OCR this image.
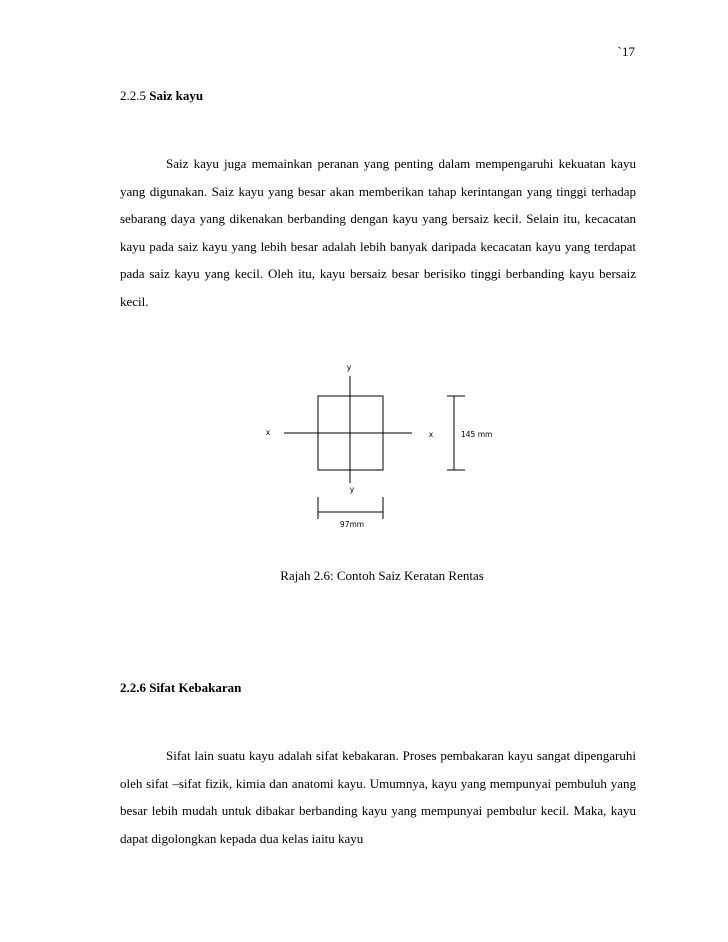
`17
2.2.5 Saiz kayu

Saiz kayu juga memainkan peranan yang penting dalam mempengaruhi kekuatan kayu yang digunakan. Saiz kayu yang besar akan memberikan tahap kerintangan yang tinggi terhadap sebarang daya yang dikenakan berbanding dengan kayu yang bersaiz kecil. Selain itu, kecacatan kayu pada saiz kayu yang lebih besar adalah lebih banyak daripada kecacatan kayu yang terdapat pada saiz kayu yang kecil. Oleh itu, kayu bersaiz besar berisiko tinggi berbanding kayu bersaiz kecil.

y
y
x	x	145 mm
97mm
Rajah 2.6: Contoh Saiz Keratan Rentas
2.2.6 Sifat Kebakaran

Sifat lain suatu kayu adalah sifat kebakaran. Proses pembakaran kayu sangat dipengaruhi oleh sifat –sifat fizik, kimia dan anatomi kayu. Umumnya, kayu yang mempunyai pembuluh yang besar lebih mudah untuk dibakar berbanding kayu yang mempunyai pembulur kecil. Maka, kayu dapat digolongkan kepada dua kelas iaitu kayu
